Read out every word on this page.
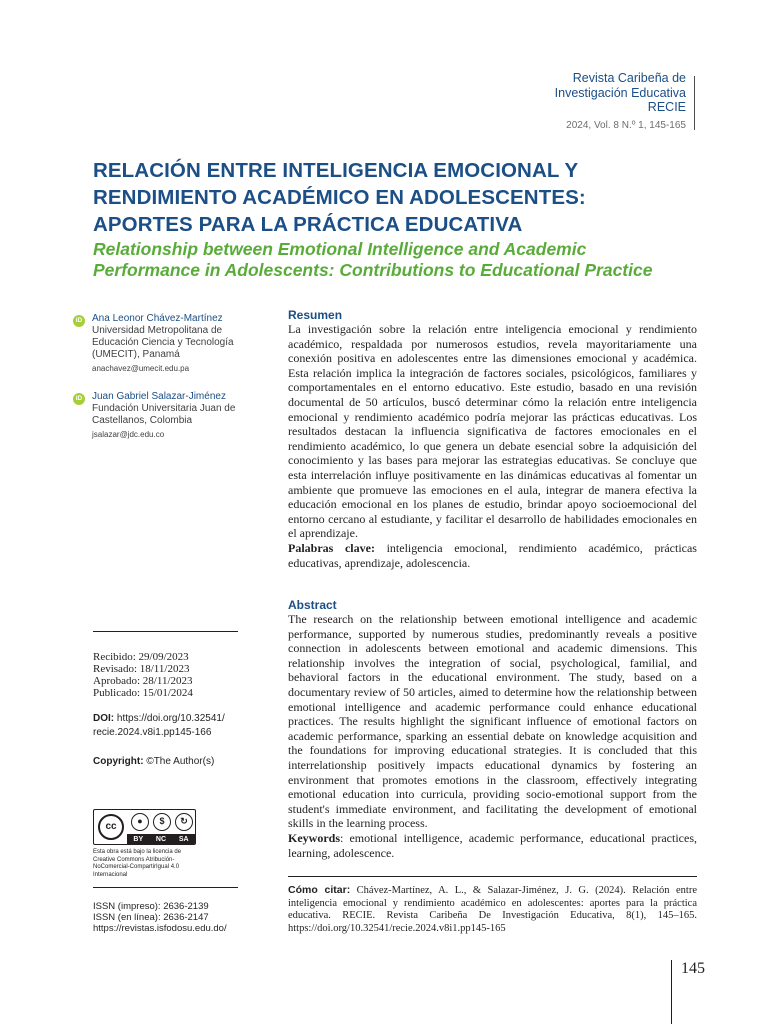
Revista Caribeña de
Investigación Educativa
RECIE
2024, Vol. 8 N.º 1, 145-165
RELACIÓN ENTRE INTELIGENCIA EMOCIONAL Y
RENDIMIENTO ACADÉMICO EN ADOLESCENTES:
APORTES PARA LA PRÁCTICA EDUCATIVA
Relationship between Emotional Intelligence and Academic
Performance in Adolescents: Contributions to Educational Practice
iD Ana Leonor Chávez-Martínez
Universidad Metropolitana de
Educación Ciencia y Tecnología
(UMECIT), Panamá
anachavez@umecit.edu.pa
iD Juan Gabriel Salazar-Jiménez
Fundación Universitaria Juan de
Castellanos, Colombia
jsalazar@jdc.edu.co
Recibido: 29/09/2023
Revisado: 18/11/2023
Aprobado: 28/11/2023
Publicado: 15/01/2024
DOI: https://doi.org/10.32541/
recie.2024.v8i1.pp145-166
Copyright: ©The Author(s)
cc	●	$	↻
BY NC SA
Esta obra está bajo la licencia de
Creative Commons Atribución-
NoComercial-CompartirIgual 4.0
Internacional
ISSN (impreso): 2636-2139
ISSN (en línea): 2636-2147
https://revistas.isfodosu.edu.do/
Resumen

La investigación sobre la relación entre inteligencia emocional y rendimiento académico, respaldada por numerosos estudios, revela mayoritariamente una conexión positiva en adolescentes entre las dimensiones emocional y académica. Esta relación implica la integración de factores sociales, psicológicos, familiares y comportamentales en el entorno educativo. Este estudio, basado en una revisión documental de 50 artículos, buscó determinar cómo la relación entre inteligencia emocional y rendimiento académico podría mejorar las prácticas educativas. Los resultados destacan la influencia significativa de factores emocionales en el rendimiento académico, lo que genera un debate esencial sobre la adquisición del conocimiento y las bases para mejorar las estrategias educativas. Se concluye que esta interrelación influye positivamente en las dinámicas educativas al fomentar un ambiente que promueve las emociones en el aula, integrar de manera efectiva la educación emocional en los planes de estudio, brindar apoyo socioemocional del entorno cercano al estudiante, y facilitar el desarrollo de habilidades emocionales en el aprendizaje.

Palabras clave: inteligencia emocional, rendimiento académico, prácticas educativas, aprendizaje, adolescencia.

Abstract

The research on the relationship between emotional intelligence and academic performance, supported by numerous studies, predominantly reveals a positive connection in adolescents between emotional and academic dimensions. This relationship involves the integration of social, psychological, familial, and behavioral factors in the educational environment. The study, based on a documentary review of 50 articles, aimed to determine how the relationship between emotional intelligence and academic performance could enhance educational practices. The results highlight the significant influence of emotional factors on academic performance, sparking an essential debate on knowledge acquisition and the foundations for improving educational strategies. It is concluded that this interrelationship positively impacts educational dynamics by fostering an environment that promotes emotions in the classroom, effectively integrating emotional education into curricula, providing socio-emotional support from the student's immediate environment, and facilitating the development of emotional skills in the learning process.

Keywords: emotional intelligence, academic performance, educational practices, learning, adolescence.

Cómo citar: Chávez-Martínez, A. L., & Salazar-Jiménez, J. G. (2024). Relación entre inteligencia emocional y rendimiento académico en adolescentes: aportes para la práctica educativa. RECIE. Revista Caribeña De Investigación Educativa, 8(1), 145–165. https://doi.org/10.32541/recie.2024.v8i1.pp145-165
145
